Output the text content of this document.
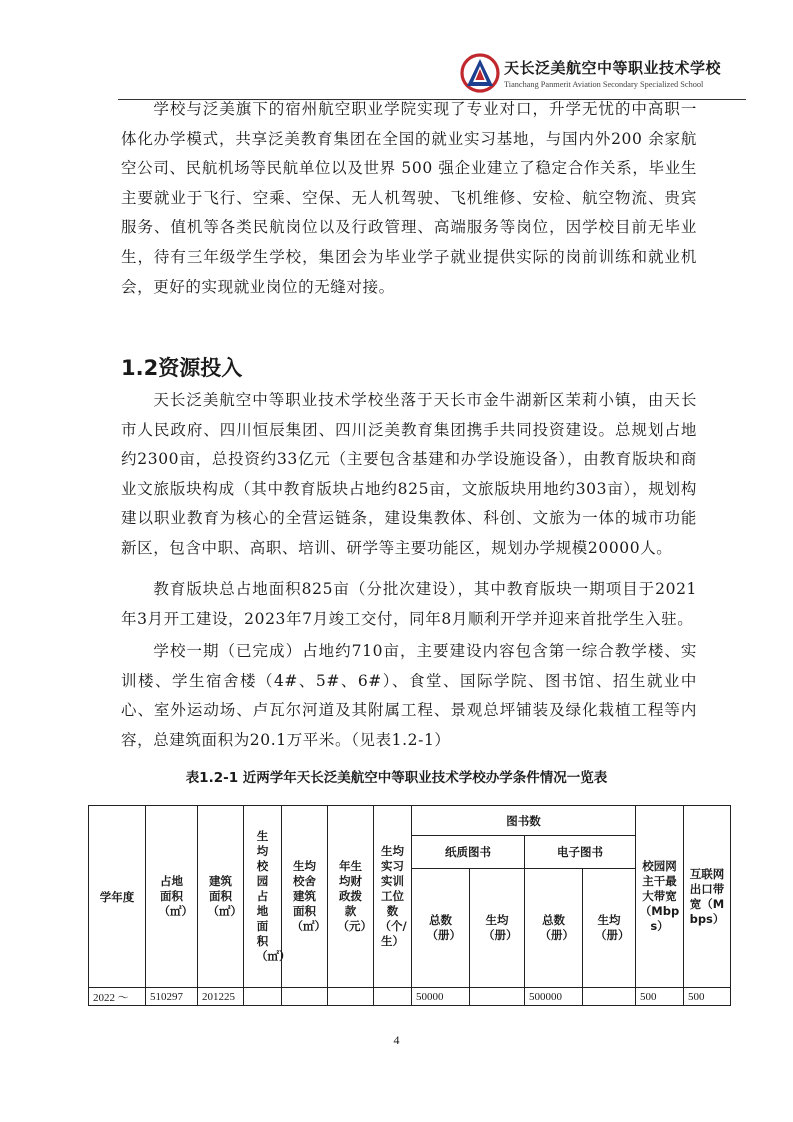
天长泛美航空中等职业技术学校
Tianchang Panmerit Aviation Secondary Specialized School

学校与泛美旗下的宿州航空职业学院实现了专业对口，升学无忧的中高职一体化办学模式，共享泛美教育集团在全国的就业实习基地，与国内外200 余家航空公司、民航机场等民航单位以及世界 500 强企业建立了稳定合作关系，毕业生主要就业于飞行、空乘、空保、无人机驾驶、飞机维修、安检、航空物流、贵宾服务、值机等各类民航岗位以及行政管理、高端服务等岗位，因学校目前无毕业生，待有三年级学生学校，集团会为毕业学子就业提供实际的岗前训练和就业机会，更好的实现就业岗位的无缝对接。

1.2资源投入

天长泛美航空中等职业技术学校坐落于天长市金牛湖新区茉莉小镇，由天长市人民政府、四川恒辰集团、四川泛美教育集团携手共同投资建设。总规划占地约2300亩，总投资约33亿元（主要包含基建和办学设施设备），由教育版块和商业文旅版块构成（其中教育版块占地约825亩，文旅版块用地约303亩），规划构建以职业教育为核心的全营运链条，建设集教体、科创、文旅为一体的城市功能新区，包含中职、高职、培训、研学等主要功能区，规划办学规模20000人。

教育版块总占地面积825亩（分批次建设），其中教育版块一期项目于2021年3月开工建设，2023年7月竣工交付，同年8月顺利开学并迎来首批学生入驻。

学校一期（已完成）占地约710亩，主要建设内容包含第一综合教学楼、实训楼、学生宿舍楼（4#、5#、6#）、食堂、国际学院、图书馆、招生就业中心、室外运动场、卢瓦尔河道及其附属工程、景观总坪铺装及绿化栽植工程等内容，总建筑面积为20.1万平米。（见表1.2-1）

表1.2-1 近两学年天长泛美航空中等职业技术学校办学条件情况一览表
学年度	占地面积（㎡）	建筑面积（㎡）	生均校园占地面积（㎡）	生均校舍建筑面积（㎡）	年生均财政拨款（元）	生均实习实训工位数（个/生）	图书数				校园网主干最大带宽（Mbps）	互联网出口带宽（Mbps）

							纸质图书		电子图书			

							总数（册）	生均（册）	总数（册）	生均（册）		

2022 ～	510297	201225					50000		500000		500	500
4
